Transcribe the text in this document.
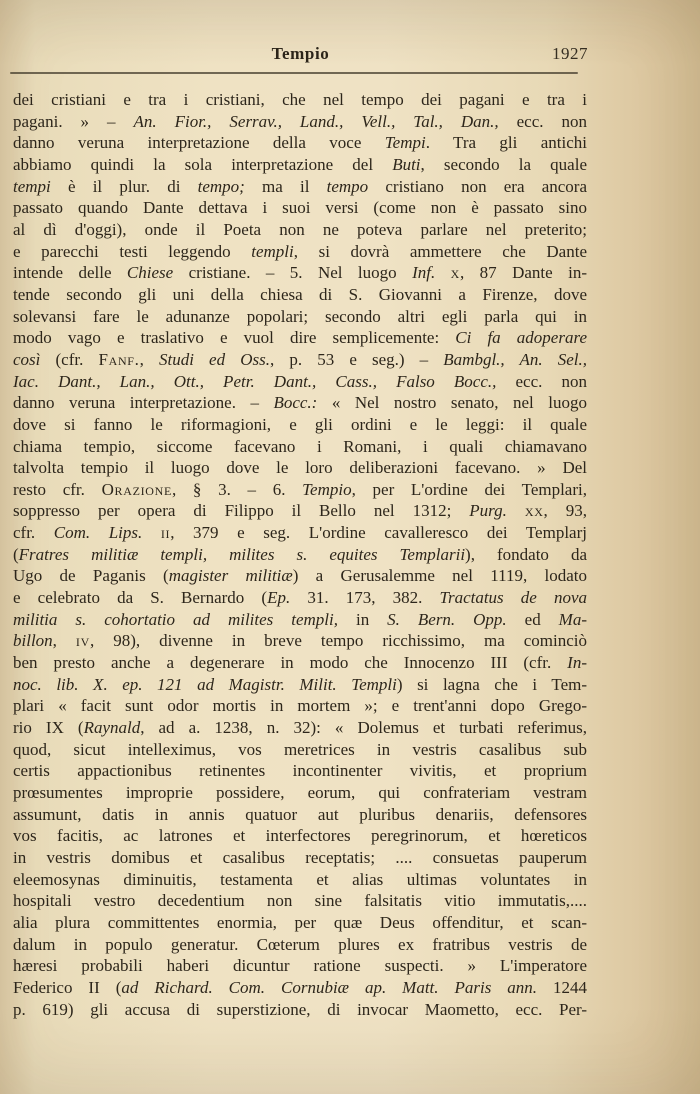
Tempio	1927
dei cristiani e tra i cristiani, che nel tempo dei pagani e tra i
pagani. » – An. Fior., Serrav., Land., Vell., Tal., Dan., ecc. non
danno veruna interpretazione della voce Tempi. Tra gli antichi
abbiamo quindi la sola interpretazione del Buti, secondo la quale
tempi è il plur. di tempo; ma il tempo cristiano non era ancora
passato quando Dante dettava i suoi versi (come non è passato sino
al dì d'oggi), onde il Poeta non ne poteva parlare nel preterito;
e parecchi testi leggendo templi, si dovrà ammettere che Dante
intende delle Chiese cristiane. – 5. Nel luogo Inf. x, 87 Dante in-
tende secondo gli uni della chiesa di S. Giovanni a Firenze, dove
solevansi fare le adunanze popolari; secondo altri egli parla qui in
modo vago e traslativo e vuol dire semplicemente: Ci fa adoperare
così (cfr. Fanf., Studi ed Oss., p. 53 e seg.) – Bambgl., An. Sel.,
Iac. Dant., Lan., Ott., Petr. Dant., Cass., Falso Bocc., ecc. non
danno veruna interpretazione. – Bocc.: « Nel nostro senato, nel luogo
dove si fanno le riformagioni, e gli ordini e le leggi: il quale
chiama tempio, siccome facevano i Romani, i quali chiamavano
talvolta tempio il luogo dove le loro deliberazioni facevano. » Del
resto cfr. Orazione, § 3. – 6. Tempio, per L'ordine dei Templari,
soppresso per opera di Filippo il Bello nel 1312; Purg. xx, 93,
cfr. Com. Lips. ii, 379 e seg. L'ordine cavalleresco dei Templarj
(Fratres militiæ templi, milites s. equites Templarii), fondato da
Ugo de Paganis (magister militiæ) a Gerusalemme nel 1119, lodato
e celebrato da S. Bernardo (Ep. 31. 173, 382. Tractatus de nova
militia s. cohortatio ad milites templi, in S. Bern. Opp. ed Ma-
billon, iv, 98), divenne in breve tempo ricchissimo, ma cominciò
ben presto anche a degenerare in modo che Innocenzo III (cfr. In-
noc. lib. X. ep. 121 ad Magistr. Milit. Templi) si lagna che i Tem-
plari « facit sunt odor mortis in mortem »; e trent'anni dopo Grego-
rio IX (Raynald, ad a. 1238, n. 32): « Dolemus et turbati referimus,
quod, sicut intelleximus, vos meretrices in vestris casalibus sub
certis appactionibus retinentes incontinenter vivitis, et proprium
prœsumentes improprie possidere, eorum, qui confrateriam vestram
assumunt, datis in annis quatuor aut pluribus denariis, defensores
vos facitis, ac latrones et interfectores peregrinorum, et hœreticos
in vestris domibus et casalibus receptatis; .... consuetas pauperum
eleemosynas diminuitis, testamenta et alias ultimas voluntates in
hospitali vestro decedentium non sine falsitatis vitio immutatis,....
alia plura committentes enormia, per quæ Deus offenditur, et scan-
dalum in populo generatur. Cœterum plures ex fratribus vestris de
hæresi probabili haberi dicuntur ratione suspecti. » L'imperatore
Federico II (ad Richard. Com. Cornubiæ ap. Matt. Paris ann. 1244
p. 619) gli accusa di superstizione, di invocar Maometto, ecc. Per-
